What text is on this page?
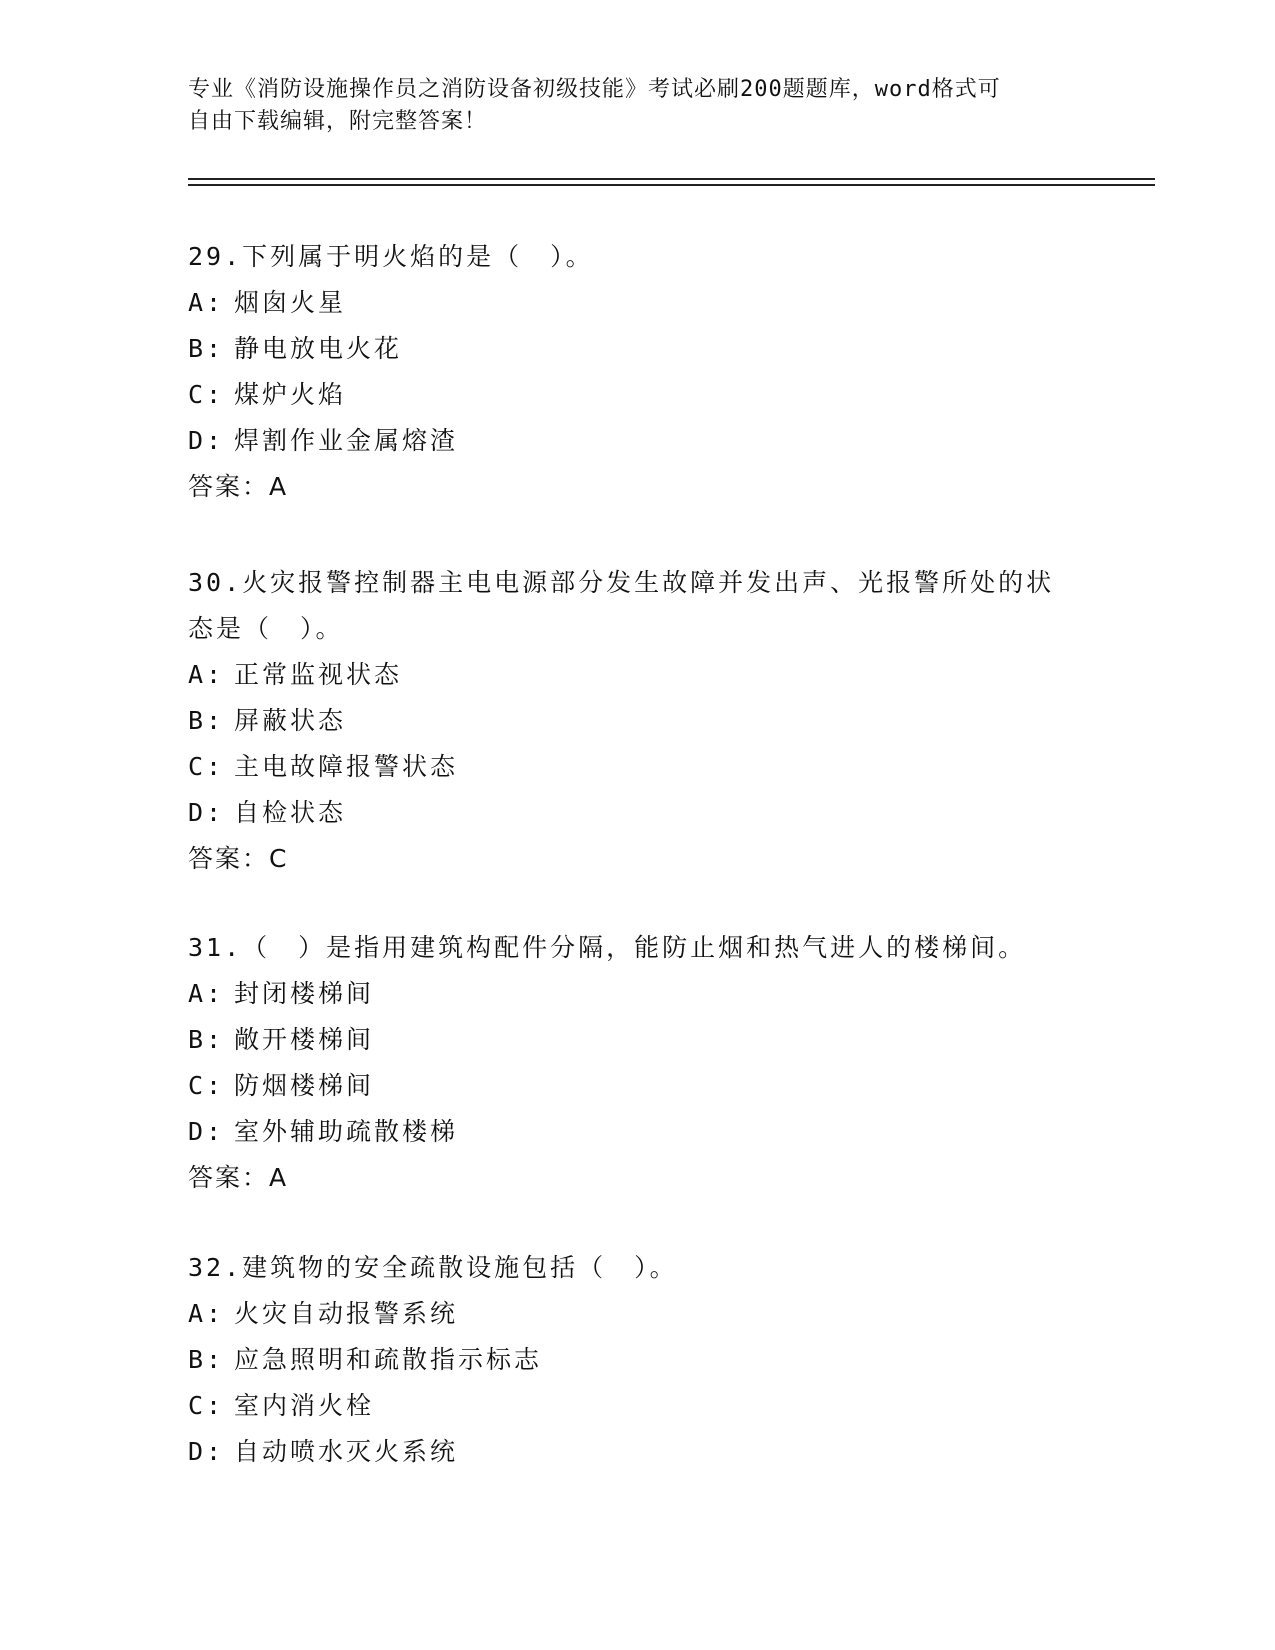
专业《消防设施操作员之消防设备初级技能》考试必刷200题题库，word格式可
自由下载编辑，附完整答案！

29.下列属于明火焰的是（　）。

A: 烟囱火星

B: 静电放电火花

C: 煤炉火焰

D: 焊割作业金属熔渣

答案：A

30.火灾报警控制器主电电源部分发生故障并发出声、光报警所处的状

态是（　）。

A: 正常监视状态

B: 屏蔽状态

C: 主电故障报警状态

D: 自检状态

答案：C

31.（　）是指用建筑构配件分隔，能防止烟和热气进人的楼梯间。

A: 封闭楼梯间

B: 敞开楼梯间

C: 防烟楼梯间

D: 室外辅助疏散楼梯

答案：A

32.建筑物的安全疏散设施包括（　）。

A: 火灾自动报警系统

B: 应急照明和疏散指示标志

C: 室内消火栓

D: 自动喷水灭火系统
